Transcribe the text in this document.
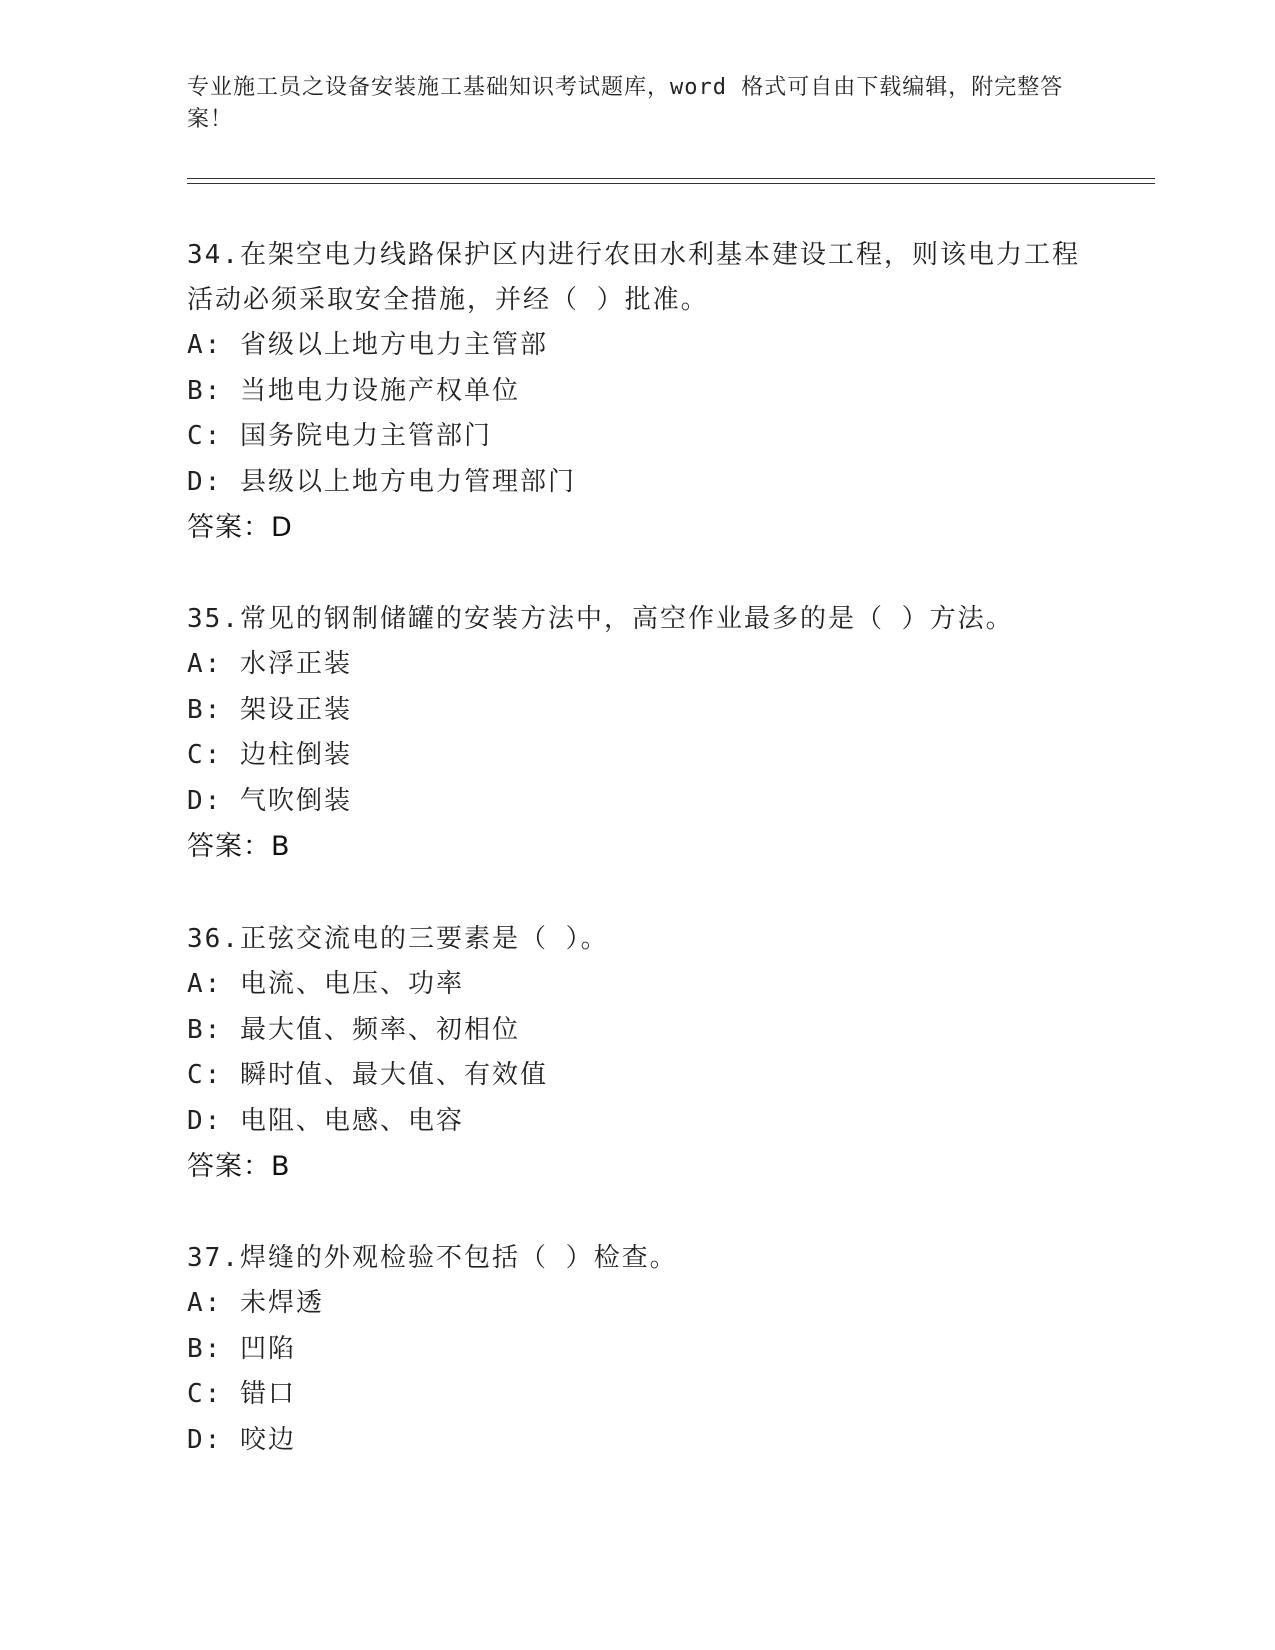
专业施工员之设备安装施工基础知识考试题库，word 格式可自由下载编辑，附完整答案！

34.在架空电力线路保护区内进行农田水利基本建设工程，则该电力工程活动必须采取安全措施，并经（ ）批准。

A: 省级以上地方电力主管部

B: 当地电力设施产权单位

C: 国务院电力主管部门

D: 县级以上地方电力管理部门

答案：D

35.常见的钢制储罐的安装方法中，高空作业最多的是（ ）方法。

A: 水浮正装

B: 架设正装

C: 边柱倒装

D: 气吹倒装

答案：B

36.正弦交流电的三要素是（ ）。

A: 电流、电压、功率

B: 最大值、频率、初相位

C: 瞬时值、最大值、有效值

D: 电阻、电感、电容

答案：B

37.焊缝的外观检验不包括（ ）检查。

A: 未焊透

B: 凹陷

C: 错口

D: 咬边
